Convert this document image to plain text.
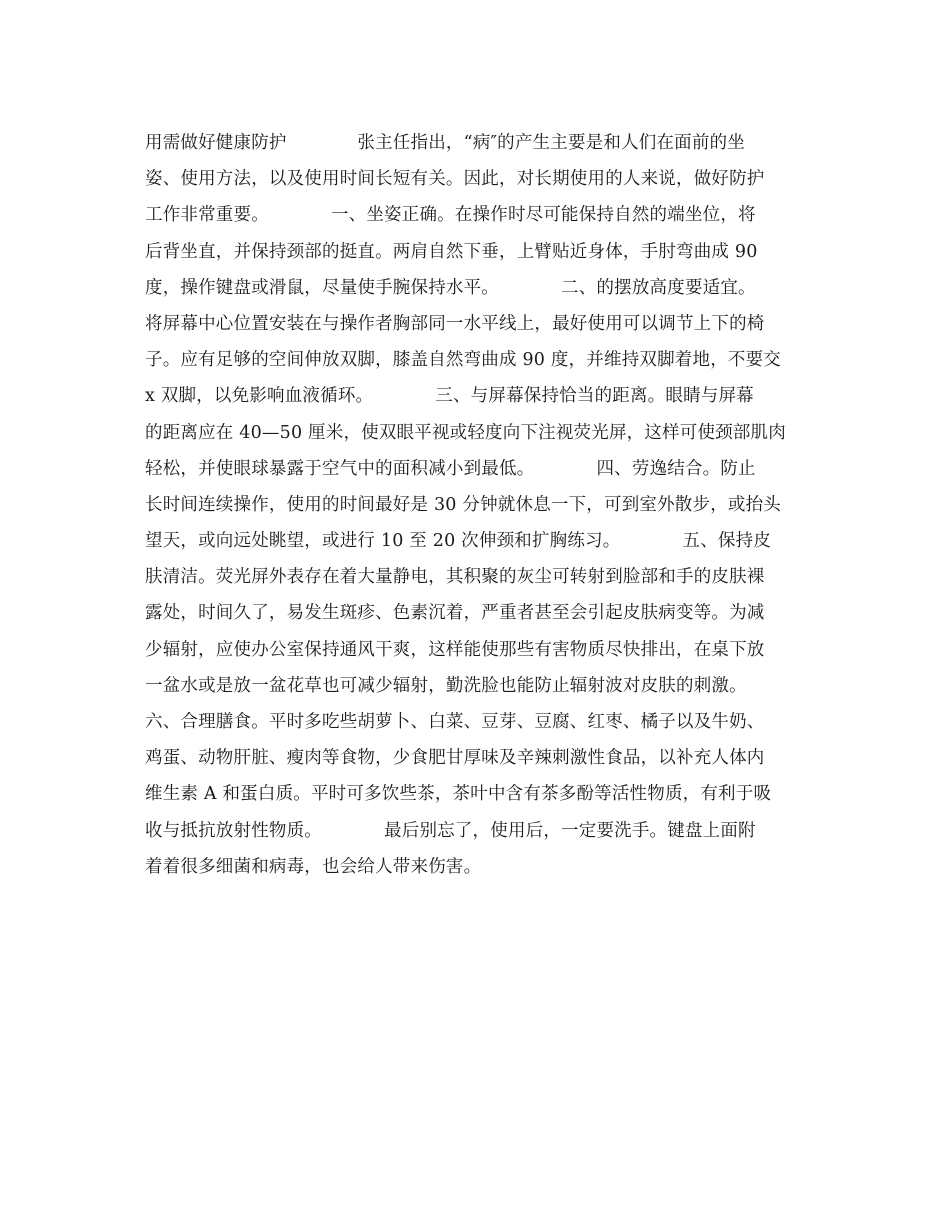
用需做好健康防护　　　　张主任指出，“病″的产生主要是和人们在面前的坐
姿、使用方法，以及使用时间长短有关。因此，对长期使用的人来说，做好防护
工作非常重要。　　　　一、坐姿正确。在操作时尽可能保持自然的端坐位，将
后背坐直，并保持颈部的挺直。两肩自然下垂，上臂贴近身体，手肘弯曲成 90
度，操作键盘或滑鼠，尽量使手腕保持水平。　　　　二、的摆放高度要适宜。
将屏幕中心位置安装在与操作者胸部同一水平线上，最好使用可以调节上下的椅
子。应有足够的空间伸放双脚，膝盖自然弯曲成 90 度，并维持双脚着地，不要交
x 双脚，以免影响血液循环。　　　　三、与屏幕保持恰当的距离。眼睛与屏幕
的距离应在 40—50 厘米，使双眼平视或轻度向下注视荧光屏，这样可使颈部肌肉
轻松，并使眼球暴露于空气中的面积减小到最低。　　　　四、劳逸结合。防止
长时间连续操作，使用的时间最好是 30 分钟就休息一下，可到室外散步，或抬头
望天，或向远处眺望，或进行 10 至 20 次伸颈和扩胸练习。　　　　五、保持皮
肤清洁。荧光屏外表存在着大量静电，其积聚的灰尘可转射到脸部和手的皮肤裸
露处，时间久了，易发生斑疹、色素沉着，严重者甚至会引起皮肤病变等。为减
少辐射，应使办公室保持通风干爽，这样能使那些有害物质尽快排出，在桌下放
一盆水或是放一盆花草也可减少辐射，勤洗脸也能防止辐射波对皮肤的刺激。
六、合理膳食。平时多吃些胡萝卜、白菜、豆芽、豆腐、红枣、橘子以及牛奶、
鸡蛋、动物肝脏、瘦肉等食物，少食肥甘厚味及辛辣刺激性食品，以补充人体内
维生素 A 和蛋白质。平时可多饮些茶，茶叶中含有茶多酚等活性物质，有利于吸
收与抵抗放射性物质。　　　　最后别忘了，使用后，一定要洗手。键盘上面附
着着很多细菌和病毒，也会给人带来伤害。
